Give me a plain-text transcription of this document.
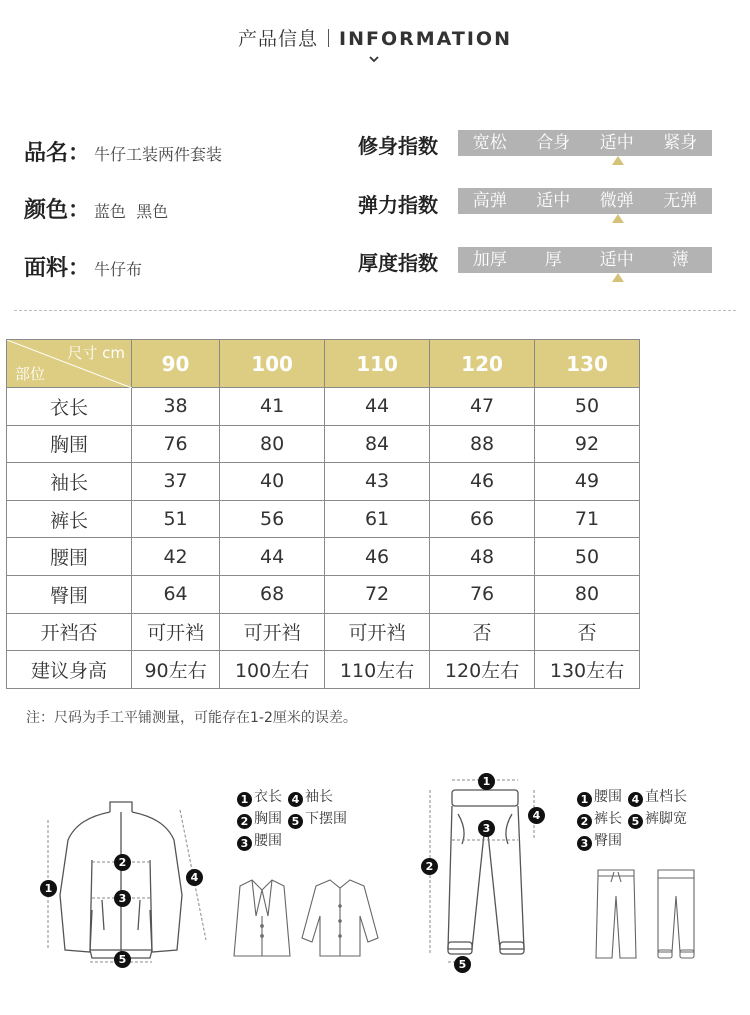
产品信息 INFORMATION
品名： 牛仔工装两件套装
颜色： 蓝色  黑色
面料： 牛仔布
修身指数	宽松	合身	适中	紧身
弹力指数	高弹	适中	微弹	无弹
厚度指数	加厚	厚	适中	薄
尺寸 cm
部位	90	100	110	120	130
衣长	38	41	44	47	50
胸围	76	80	84	88	92
袖长	37	40	43	46	49
裤长	51	56	61	66	71
腰围	42	44	46	48	50
臀围	64	68	72	76	80
开裆否	可开裆	可开裆	可开裆	否	否
建议身高	90左右	100左右	110左右	120左右	130左右
注：尺码为手工平铺测量，可能存在1-2厘米的误差。
1
2
3
4
5
1 衣长 4 袖长
2 胸围 5 下摆围
3 腰围
1
2
3
4
5
1 腰围 4 直档长
2 裤长 5 裤脚宽
3 臀围
